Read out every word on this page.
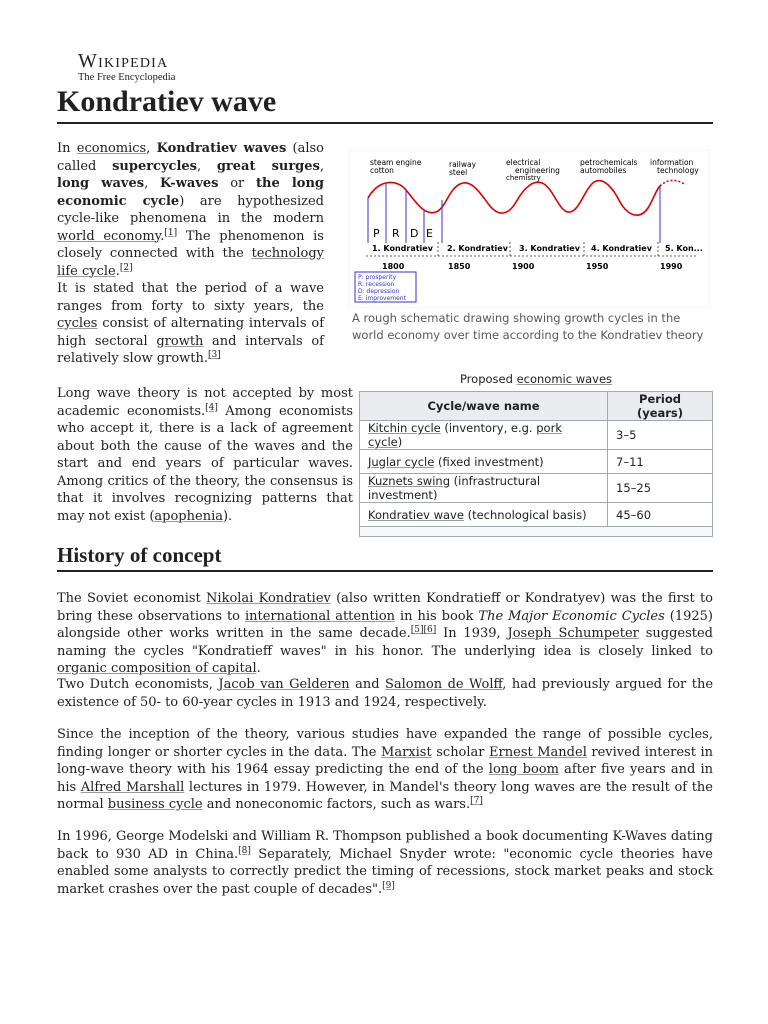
Wikipedia
The Free Encyclopedia
Kondratiev wave

In economics, Kondratiev waves (also called supercycles, great surges, long waves, K-waves or the long economic cycle) are hypothesized cycle-like phenomena in the modern world economy.[1] The phenomenon is closely connected with the technology life cycle.[2]

It is stated that the period of a wave ranges from forty to sixty years, the cycles consist of alternating intervals of high sectoral growth and intervals of relatively slow growth.[3]

Long wave theory is not accepted by most academic economists.[4] Among economists who accept it, there is a lack of agreement about both the cause of the waves and the start and end years of particular waves. Among critics of the theory, the consensus is that it involves recognizing patterns that may not exist (apophenia).

steam engine
cotton
railway
steel
electrical
engineering
chemistry
petrochemicals
automobiles
information
technology
P R D E
1. Kondratiev 2. Kondratiev 3. Kondratiev 4. Kondratiev 5. Kon...
1800	1850	1900	1950	1990
P: prosperity
R: recession
D: depression
E: improvement
A rough schematic drawing showing growth cycles in the world economy over time according to the Kondratiev theory
Proposed economic waves
Cycle/wave name	Period (years)
Kitchin cycle (inventory, e.g. pork cycle)	3–5
Juglar cycle (fixed investment)	7–11
Kuznets swing (infrastructural investment)	15–25
Kondratiev wave (technological basis)	45–60

History of concept

The Soviet economist Nikolai Kondratiev (also written Kondratieff or Kondratyev) was the first to bring these observations to international attention in his book The Major Economic Cycles (1925) alongside other works written in the same decade.[5][6] In 1939, Joseph Schumpeter suggested naming the cycles "Kondratieff waves" in his honor. The underlying idea is closely linked to organic composition of capital.

Two Dutch economists, Jacob van Gelderen and Salomon de Wolff, had previously argued for the existence of 50- to 60-year cycles in 1913 and 1924, respectively.

Since the inception of the theory, various studies have expanded the range of possible cycles, finding longer or shorter cycles in the data. The Marxist scholar Ernest Mandel revived interest in long-wave theory with his 1964 essay predicting the end of the long boom after five years and in his Alfred Marshall lectures in 1979. However, in Mandel's theory long waves are the result of the normal business cycle and noneconomic factors, such as wars.[7]

In 1996, George Modelski and William R. Thompson published a book documenting K-Waves dating back to 930 AD in China.[8] Separately, Michael Snyder wrote: "economic cycle theories have enabled some analysts to correctly predict the timing of recessions, stock market peaks and stock market crashes over the past couple of decades".[9]
